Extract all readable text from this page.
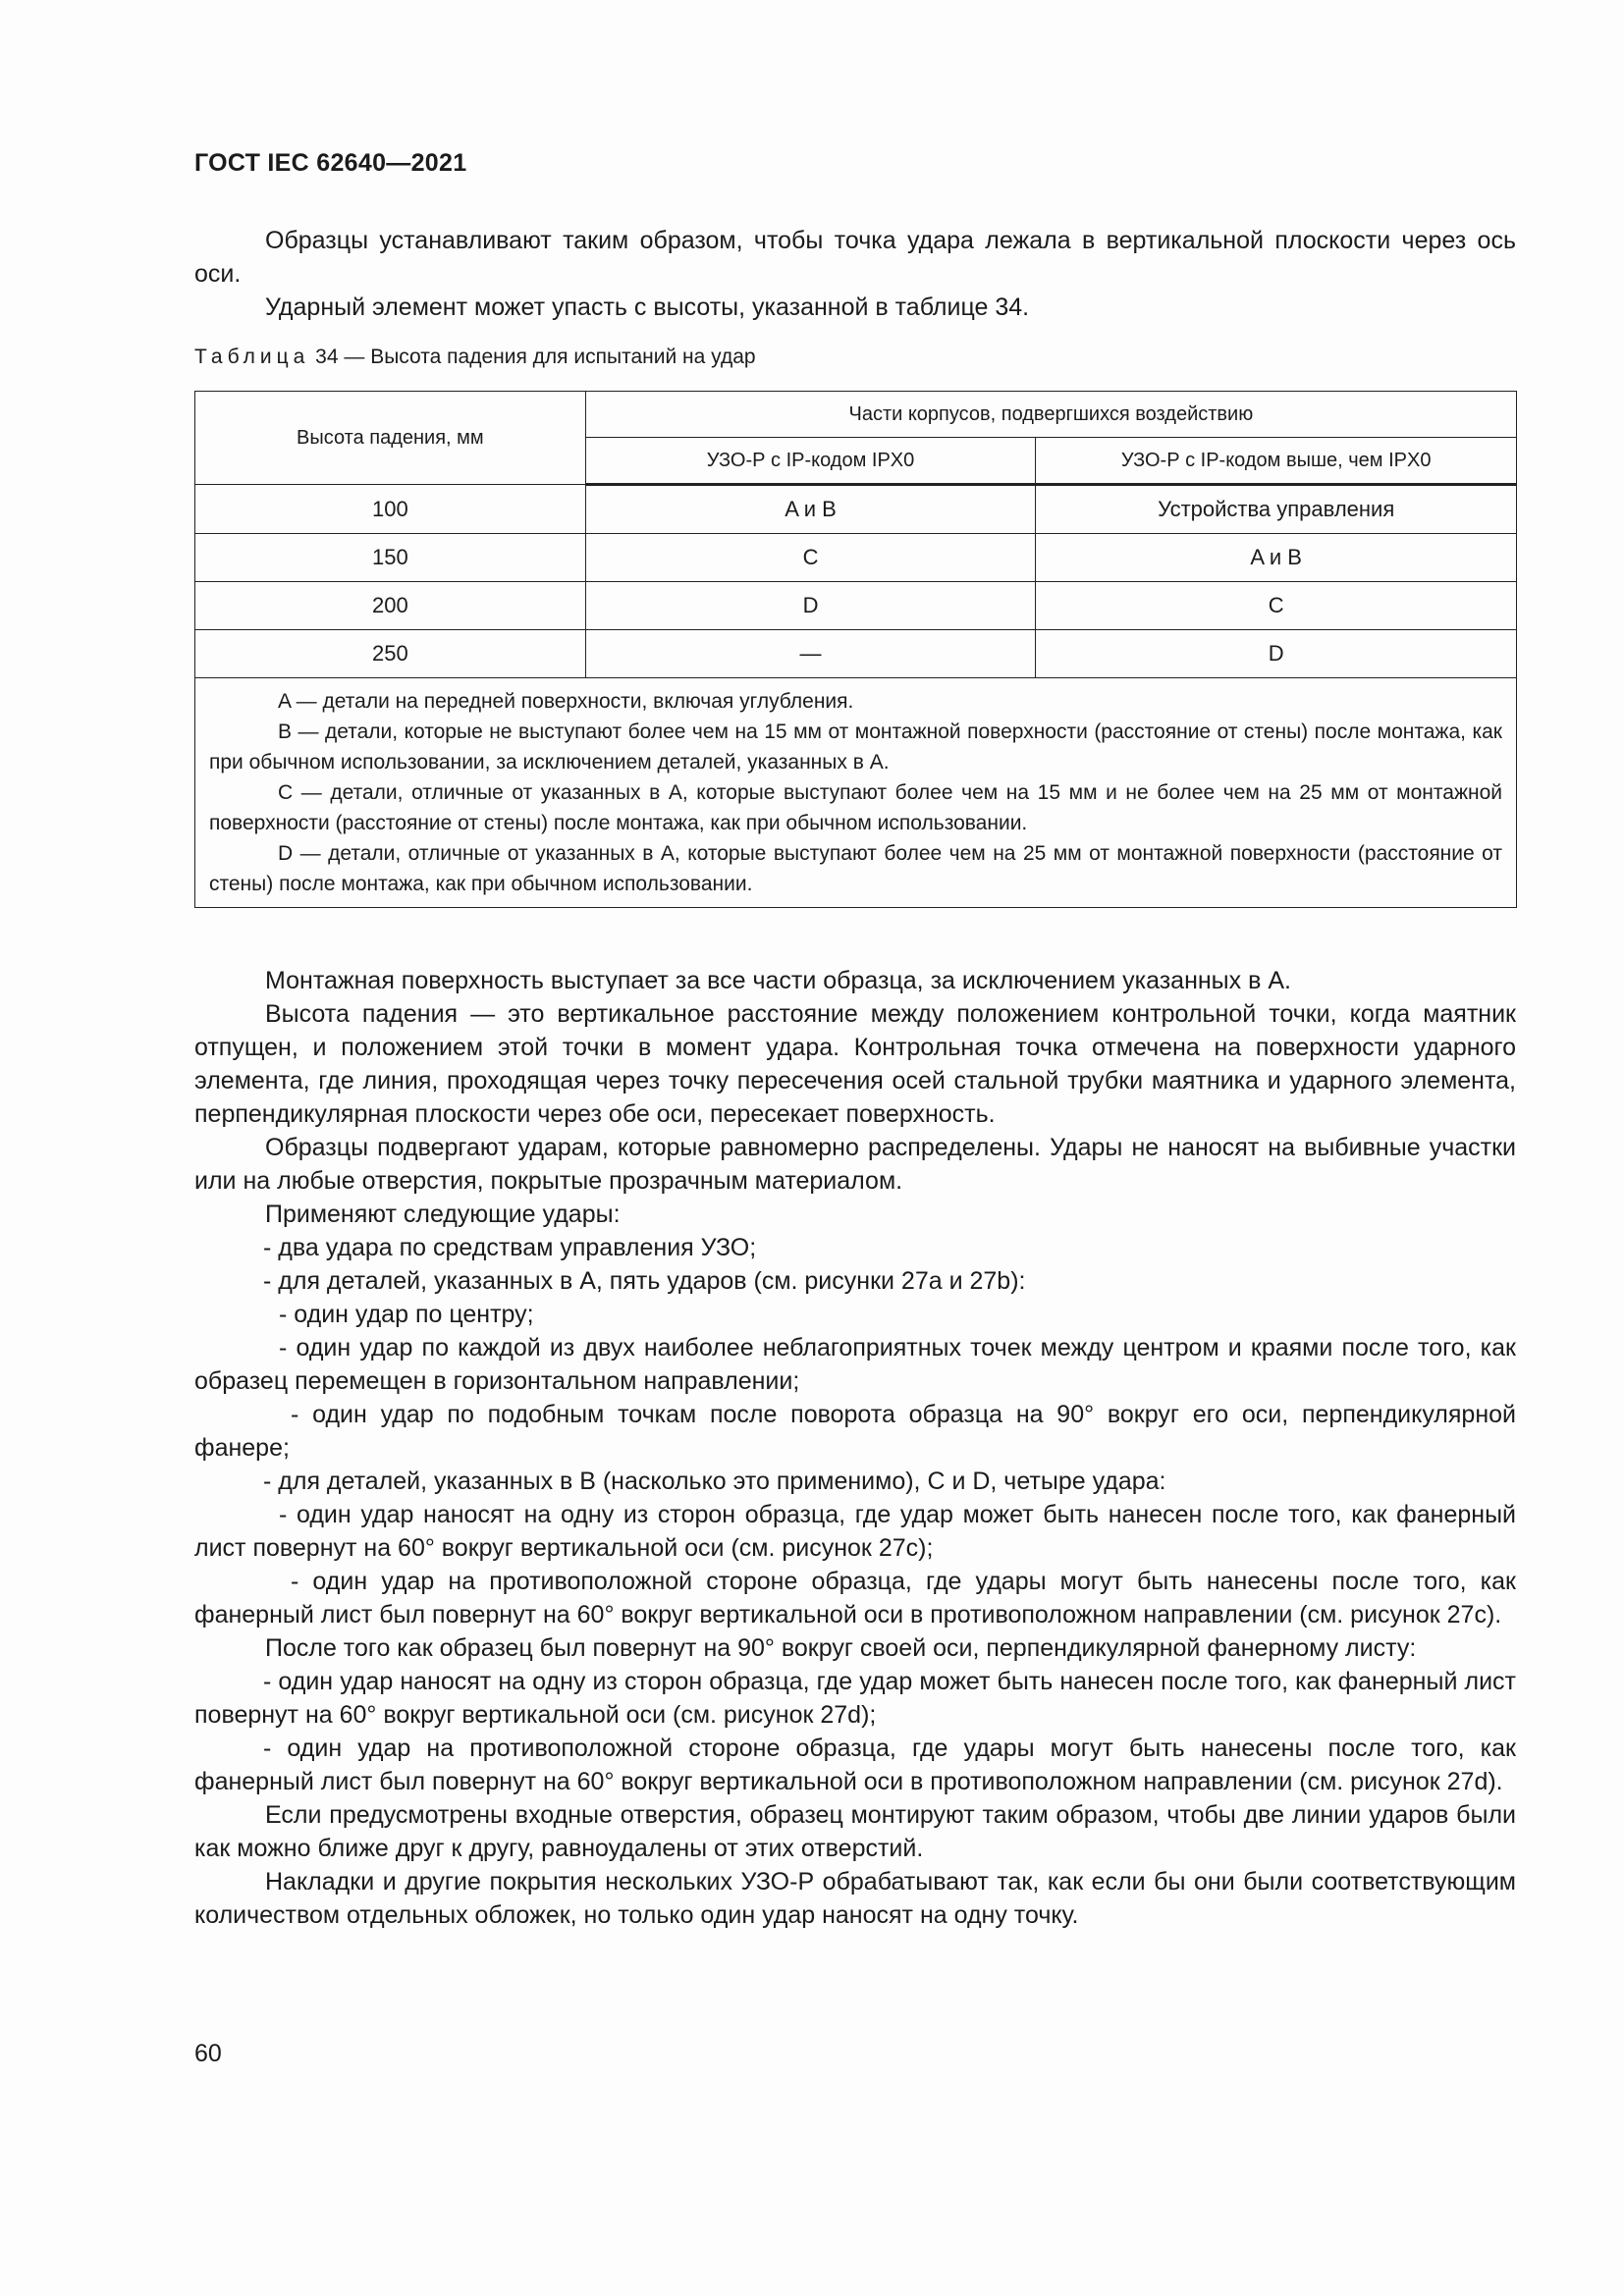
ГОСТ IEC 62640—2021

Образцы устанавливают таким образом, чтобы точка удара лежала в вертикальной плоскости через ось оси.

Ударный элемент может упасть с высоты, указанной в таблице 34.

Таблица 34 — Высота падения для испытаний на удар
Высота падения, мм	Части корпусов, подвергшихся воздействию	
	УЗО-Р с IP-кодом IPX0	УЗО-Р с IP-кодом выше, чем IPX0
100	A и B	Устройства управления
150	C	A и B
200	D	C
250	—	D

A — детали на передней поверхности, включая углубления.

B — детали, которые не выступают более чем на 15 мм от монтажной поверхности (расстояние от стены) после монтажа, как при обычном использовании, за исключением деталей, указанных в A.

C — детали, отличные от указанных в A, которые выступают более чем на 15 мм и не более чем на 25 мм от монтажной поверхности (расстояние от стены) после монтажа, как при обычном использовании.

D — детали, отличные от указанных в A, которые выступают более чем на 25 мм от монтажной поверхности (расстояние от стены) после монтажа, как при обычном использовании.		

Монтажная поверхность выступает за все части образца, за исключением указанных в A.

Высота падения — это вертикальное расстояние между положением контрольной точки, когда маятник отпущен, и положением этой точки в момент удара. Контрольная точка отмечена на поверхности ударного элемента, где линия, проходящая через точку пересечения осей стальной трубки маятника и ударного элемента, перпендикулярная плоскости через обе оси, пересекает поверхность.

Образцы подвергают ударам, которые равномерно распределены. Удары не наносят на выбивные участки или на любые отверстия, покрытые прозрачным материалом.

Применяют следующие удары:

- два удара по средствам управления УЗО;

- для деталей, указанных в A, пять ударов (см. рисунки 27a и 27b):

- один удар по центру;

- один удар по каждой из двух наиболее неблагоприятных точек между центром и краями после того, как образец перемещен в горизонтальном направлении;

- один удар по подобным точкам после поворота образца на 90° вокруг его оси, перпендикулярной фанере;

- для деталей, указанных в B (насколько это применимо), C и D, четыре удара:

- один удар наносят на одну из сторон образца, где удар может быть нанесен после того, как фанерный лист повернут на 60° вокруг вертикальной оси (см. рисунок 27c);

- один удар на противоположной стороне образца, где удары могут быть нанесены после того, как фанерный лист был повернут на 60° вокруг вертикальной оси в противоположном направлении (см. рисунок 27c).

После того как образец был повернут на 90° вокруг своей оси, перпендикулярной фанерному листу:

- один удар наносят на одну из сторон образца, где удар может быть нанесен после того, как фанерный лист повернут на 60° вокруг вертикальной оси (см. рисунок 27d);

- один удар на противоположной стороне образца, где удары могут быть нанесены после того, как фанерный лист был повернут на 60° вокруг вертикальной оси в противоположном направлении (см. рисунок 27d).

Если предусмотрены входные отверстия, образец монтируют таким образом, чтобы две линии ударов были как можно ближе друг к другу, равноудалены от этих отверстий.

Накладки и другие покрытия нескольких УЗО-Р обрабатывают так, как если бы они были соответствующим количеством отдельных обложек, но только один удар наносят на одну точку.

60
